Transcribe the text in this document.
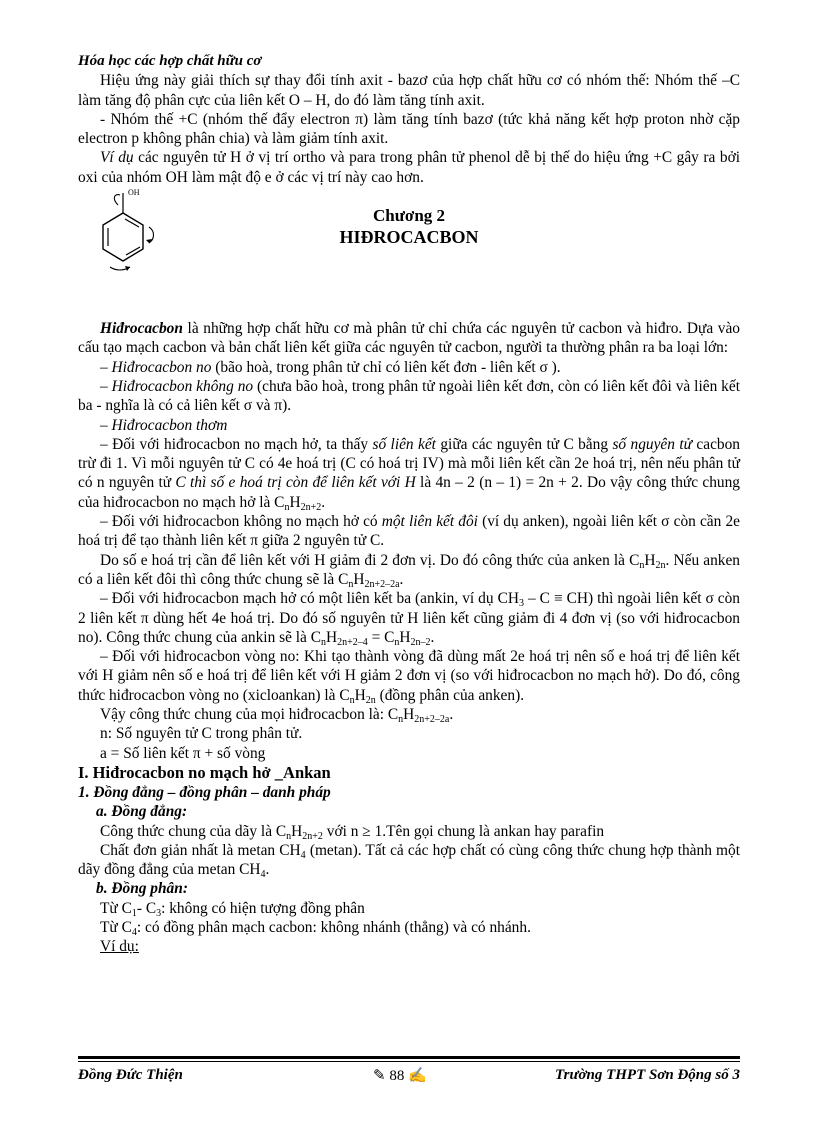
Hóa học các hợp chất hữu cơ

Hiệu ứng này giải thích sự thay đổi tính axit - bazơ của hợp chất hữu cơ có nhóm thế: Nhóm thế –C làm tăng độ phân cực của liên kết O – H, do đó làm tăng tính axit.

- Nhóm thế +C (nhóm thế đẩy electron π) làm tăng tính bazơ (tức khả năng kết hợp proton nhờ cặp electron p không phân chia) và làm giảm tính axit.

Ví dụ các nguyên tử H ở vị trí ortho và para trong phân tử phenol dễ bị thế do hiệu ứng +C gây ra bởi oxi của nhóm OH làm mật độ e ở các vị trí này cao hơn.

OH
Chương 2
HIĐROCACBON

Hiđrocacbon là những hợp chất hữu cơ mà phân tử chỉ chứa các nguyên tử cacbon và hiđro. Dựa vào cấu tạo mạch cacbon và bản chất liên kết giữa các nguyên tử cacbon, người ta thường phân ra ba loại lớn:

– Hiđrocacbon no (bão hoà, trong phân tử chỉ có liên kết đơn - liên kết σ ).

– Hiđrocacbon không no (chưa bão hoà, trong phân tử ngoài liên kết đơn, còn có liên kết đôi và liên kết ba - nghĩa là có cả liên kết σ và π).

– Hiđrocacbon thơm

– Đối với hiđrocacbon no mạch hở, ta thấy số liên kết giữa các nguyên tử C bằng số nguyên tử cacbon trừ đi 1. Vì mỗi nguyên tử C có 4e hoá trị (C có hoá trị IV) mà mỗi liên kết cần 2e hoá trị, nên nếu phân tử có n nguyên tử C thì số e hoá trị còn để liên kết với H là 4n – 2 (n – 1) = 2n + 2. Do vậy công thức chung của hiđrocacbon no mạch hở là $C_nH_{2n+2}$.

– Đối với hiđrocacbon không no mạch hở có một liên kết đôi (ví dụ anken), ngoài liên kết σ còn cần 2e hoá trị để tạo thành liên kết π giữa 2 nguyên tử C.

Do số e hoá trị cần để liên kết với H giảm đi 2 đơn vị. Do đó công thức của anken là $C_nH_{2n}$. Nếu anken có a liên kết đôi thì công thức chung sẽ là $C_nH_{2n+2-2a}$.

– Đối với hiđrocacbon mạch hở có một liên kết ba (ankin, ví dụ $CH_3 - C \equiv CH$) thì ngoài liên kết σ còn 2 liên kết π dùng hết 4e hoá trị. Do đó số nguyên tử H liên kết cũng giảm đi 4 đơn vị (so với hiđrocacbon no). Công thức chung của ankin sẽ là $C_nH_{2n+2-4} = C_nH_{2n-2}$.

– Đối với hiđrocacbon vòng no: Khi tạo thành vòng đã dùng mất 2e hoá trị nên số e hoá trị để liên kết với H giảm nên số e hoá trị để liên kết với H giảm 2 đơn vị (so với hiđrocacbon no mạch hở). Do đó, công thức hiđrocacbon vòng no (xicloankan) là $C_nH_{2n}$ (đồng phân của anken).

Vậy công thức chung của mọi hiđrocacbon là: $C_nH_{2n+2-2a}$.

n: Số nguyên tử C trong phân tử.

a = Số liên kết π + số vòng

I. Hiđrocacbon no mạch hở _Ankan

1. Đồng đẳng – đồng phân – danh pháp

a. Đồng đẳng:

Công thức chung của dãy là $C_nH_{2n+2}$ với n ≥ 1.Tên gọi chung là ankan hay parafin

Chất đơn giản nhất là metan $CH_4$ (metan). Tất cả các hợp chất có cùng công thức chung hợp thành một dãy đồng đẳng của metan $CH_4$.

b. Đồng phân:

Từ $C_1-$ $C_3$: không có hiện tượng đồng phân

Từ $C_4$: có đồng phân mạch cacbon: không nhánh (thẳng) và có nhánh.

Ví dụ:

Đồng Đức Thiện	✎ 88 ✍	Trường THPT Sơn Động số 3
